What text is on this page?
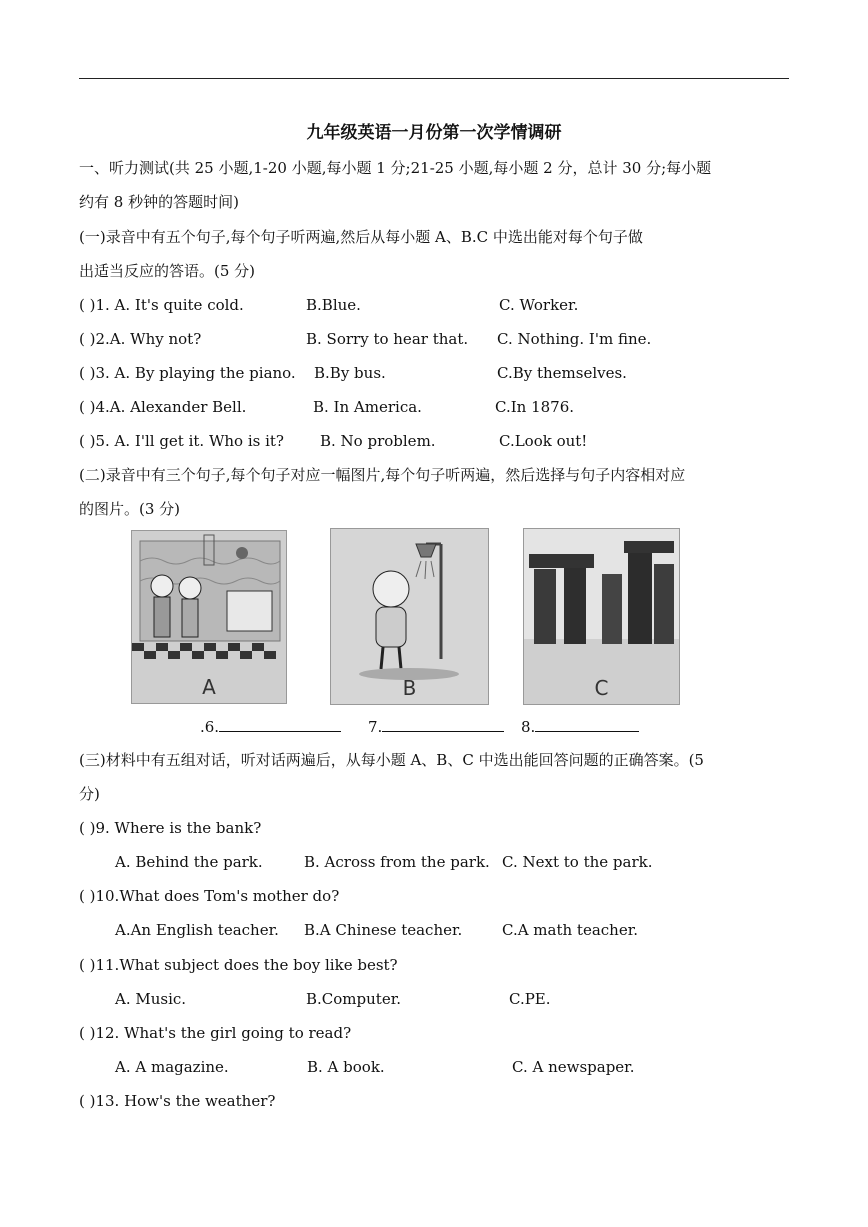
九年级英语一月份第一次学情调研
一、听力测试(共 25 小题,1-20 小题,每小题 1 分;21-25 小题,每小题 2 分，总计 30 分;每小题
约有 8 秒钟的答题时间)
(一)录音中有五个句子,每个句子听两遍,然后从每小题 A、B.C 中选出能对每个句子做
出适当反应的答语。(5 分)
( )1. A. It's quite cold.	B.Blue.	C. Worker.
( )2.A. Why not?	B. Sorry to hear that. C. Nothing. I'm fine.
( )3. A. By playing the piano. B.By bus.	C.By themselves.
( )4.A. Alexander Bell.	B. In America.	C.In 1876.
( )5. A. I'll get it. Who is it? B. No problem.	C.Look out!
(二)录音中有三个句子,每个句子对应一幅图片,每个句子听两遍，然后选择与句子内容相对应
的图片。(3 分)
A	B	C
.6.	7.	8.
(三)材料中有五组对话，听对话两遍后，从每小题 A、B、C 中选出能回答问题的正确答案。(5
分)
( )9. Where is the bank?
A. Behind the park.	B. Across from the park. C. Next to the park.
( )10.What does Tom's mother do?
A.An English teacher. B.A Chinese teacher.	C.A math teacher.
( )11.What subject does the boy like best?
A. Music.	B.Computer.	C.PE.
( )12. What's the girl going to read?
A. A magazine.	B. A book.	C. A newspaper.
( )13. How's the weather?
